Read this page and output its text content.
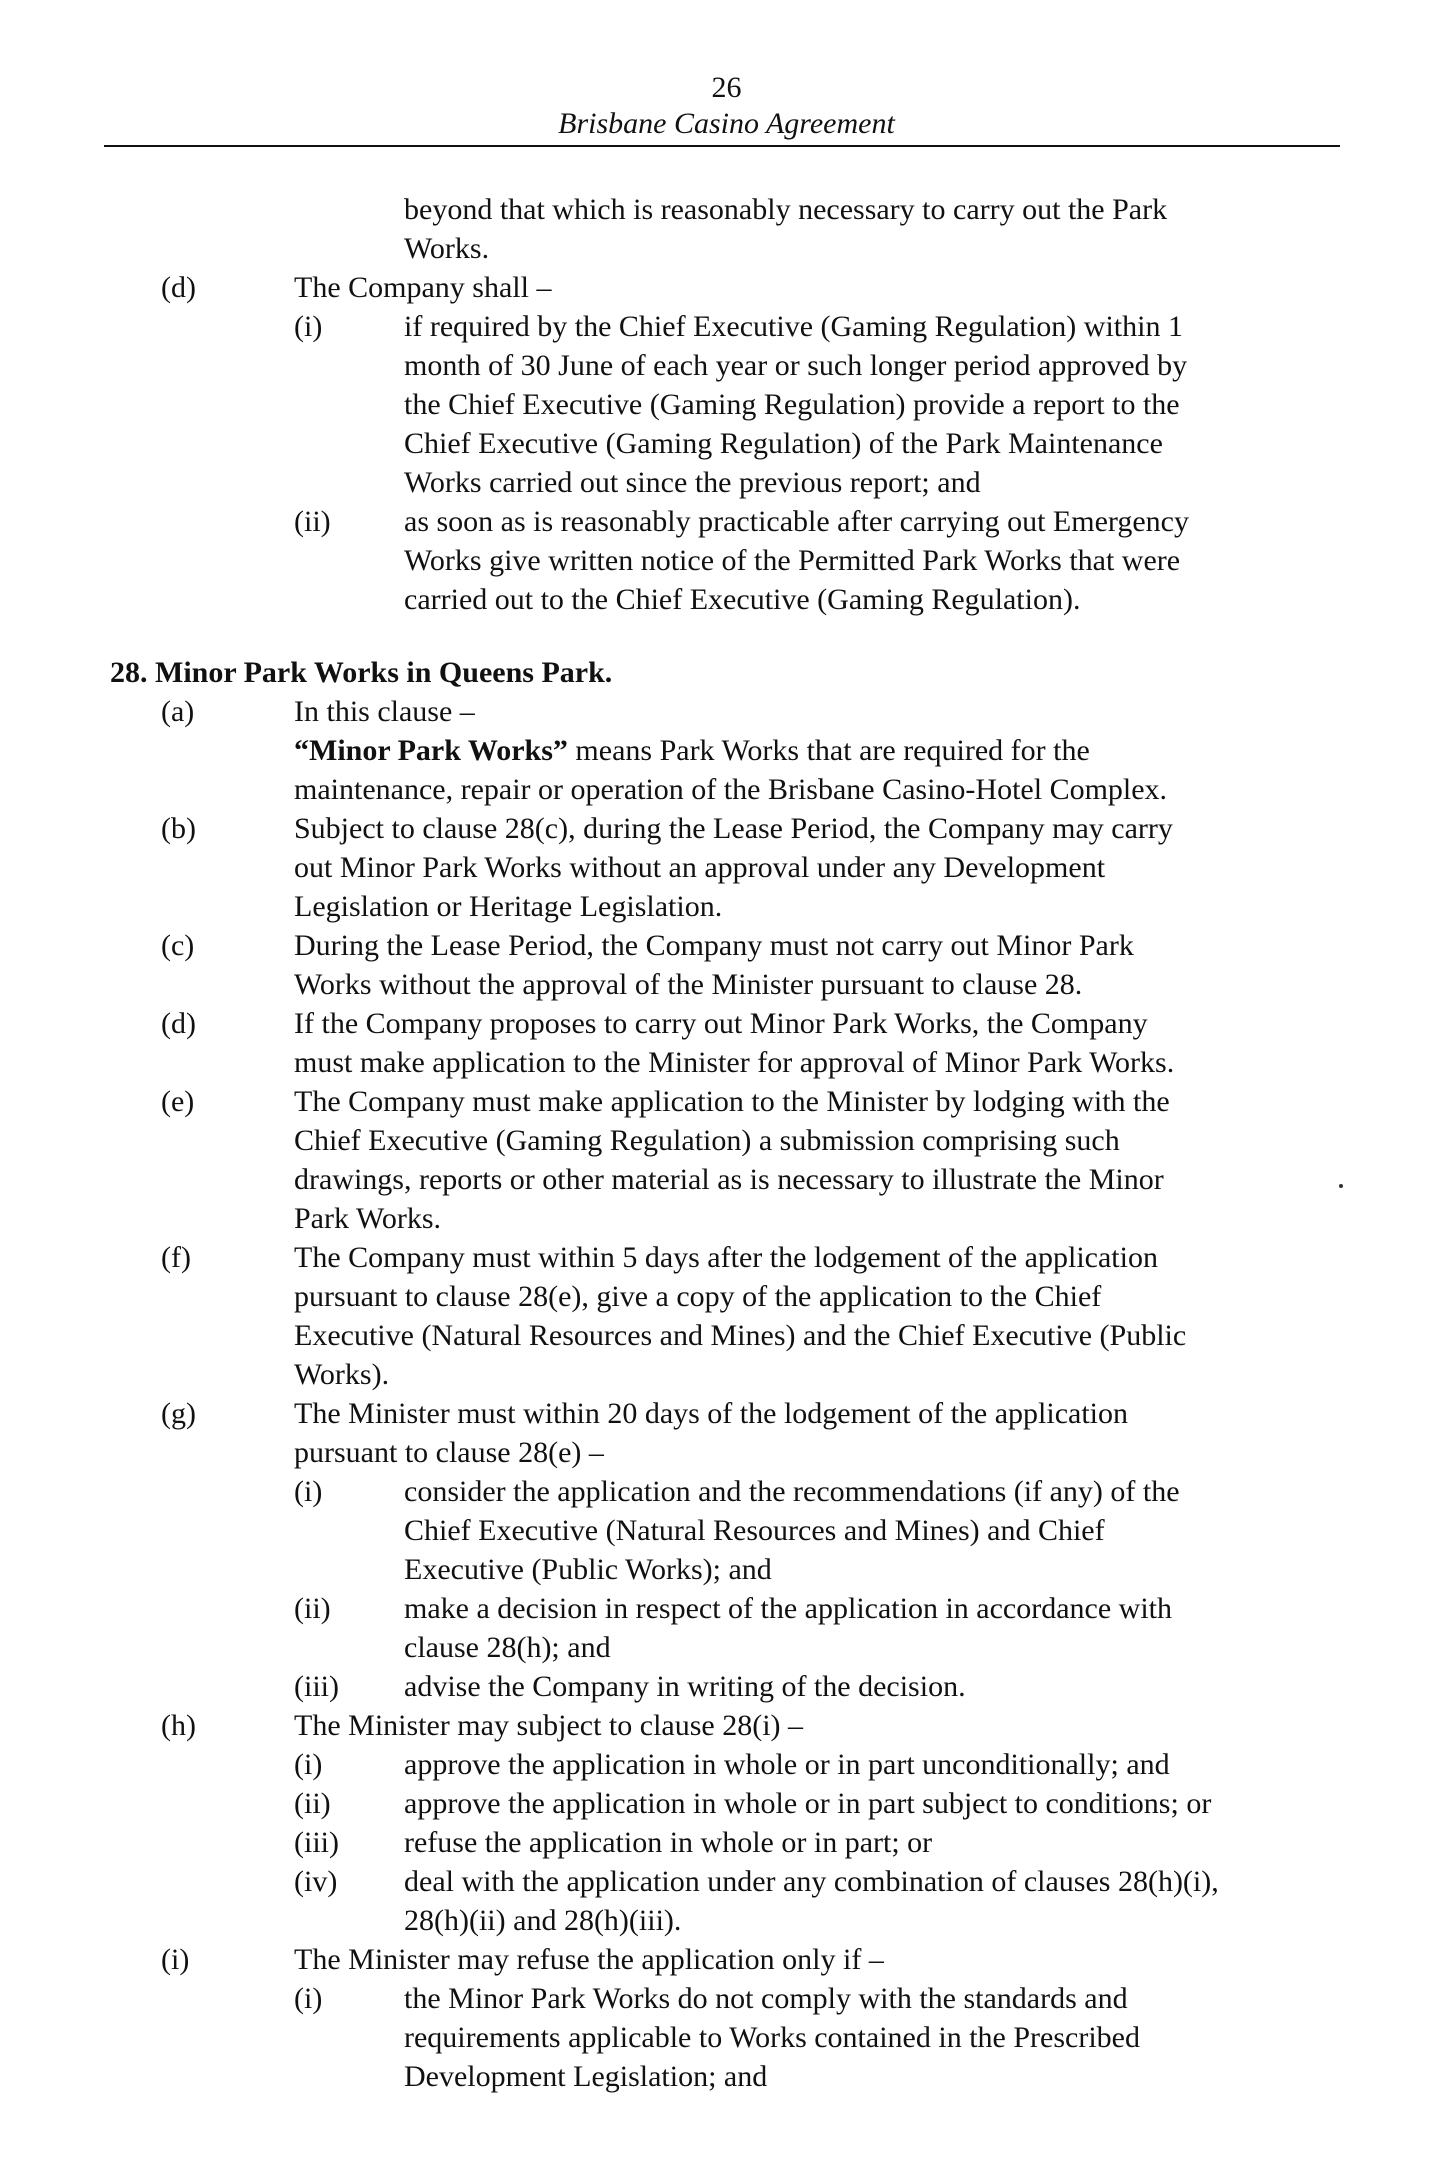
26
Brisbane Casino Agreement
beyond that which is reasonably necessary to carry out the Park
Works.
(d)	The Company shall –
(i)	if required by the Chief Executive (Gaming Regulation) within 1
month of 30 June of each year or such longer period approved by
the Chief Executive (Gaming Regulation) provide a report to the
Chief Executive (Gaming Regulation) of the Park Maintenance
Works carried out since the previous report; and
(ii) as soon as is reasonably practicable after carrying out Emergency
Works give written notice of the Permitted Park Works that were
carried out to the Chief Executive (Gaming Regulation).
28. Minor Park Works in Queens Park.
(a)	In this clause –
“Minor Park Works” means Park Works that are required for the
maintenance, repair or operation of the Brisbane Casino-Hotel Complex.
(b)	Subject to clause 28(c), during the Lease Period, the Company may carry
out Minor Park Works without an approval under any Development
Legislation or Heritage Legislation.
(c)	During the Lease Period, the Company must not carry out Minor Park
Works without the approval of the Minister pursuant to clause 28.
(d)	If the Company proposes to carry out Minor Park Works, the Company
must make application to the Minister for approval of Minor Park Works.
(e)	The Company must make application to the Minister by lodging with the
Chief Executive (Gaming Regulation) a submission comprising such
drawings, reports or other material as is necessary to illustrate the Minor
Park Works.
(f)	The Company must within 5 days after the lodgement of the application
pursuant to clause 28(e), give a copy of the application to the Chief
Executive (Natural Resources and Mines) and the Chief Executive (Public
Works).
(g)	The Minister must within 20 days of the lodgement of the application
pursuant to clause 28(e) –
(i)	consider the application and the recommendations (if any) of the
Chief Executive (Natural Resources and Mines) and Chief
Executive (Public Works); and
(ii) make a decision in respect of the application in accordance with
clause 28(h); and
(iii) advise the Company in writing of the decision.
(h)	The Minister may subject to clause 28(i) –
(i)	approve the application in whole or in part unconditionally; and
(ii) approve the application in whole or in part subject to conditions; or
(iii) refuse the application in whole or in part; or
(iv) deal with the application under any combination of clauses 28(h)(i),
28(h)(ii) and 28(h)(iii).
(i)	The Minister may refuse the application only if –
(i)	the Minor Park Works do not comply with the standards and
requirements applicable to Works contained in the Prescribed
Development Legislation; and
